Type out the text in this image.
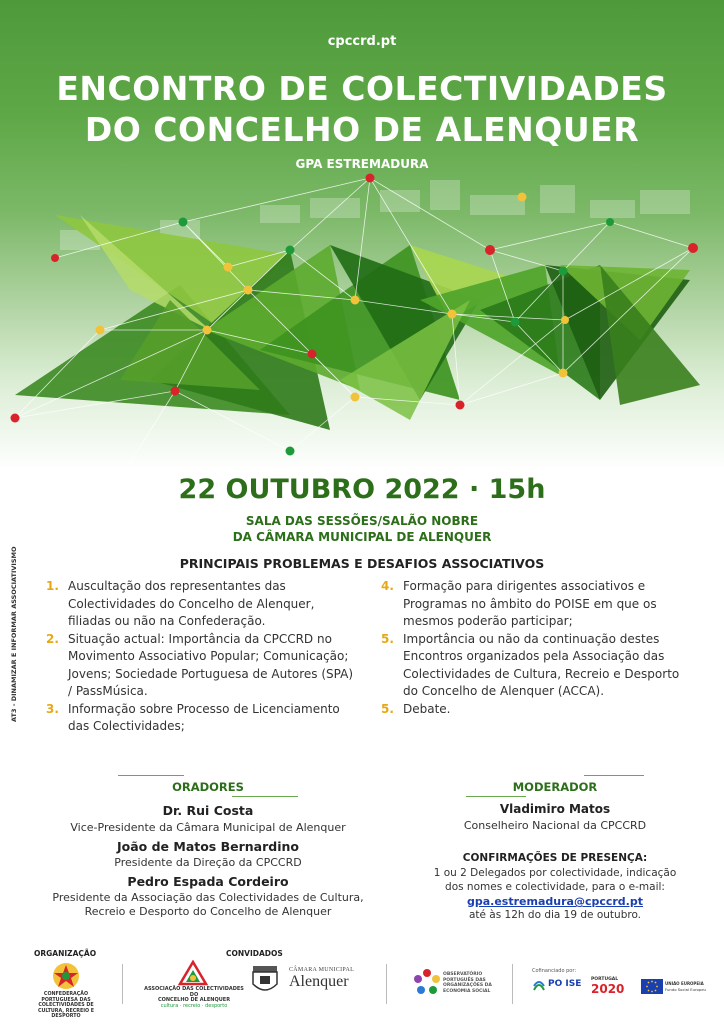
cpccrd.pt
ENCONTRO DE COLECTIVIDADES
DO CONCELHO DE ALENQUER
GPA ESTREMADURA
22 OUTUBRO 2022 · 15h
SALA DAS SESSÕES/SALÃO NOBRE
DA CÂMARA MUNICIPAL DE ALENQUER
PRINCIPAIS PROBLEMAS E DESAFIOS ASSOCIATIVOS
AT3 - DINAMIZAR E INFORMAR ASSOCIATIVISMO 1. Auscultação dos representantes das Colectividades do Concelho de Alenquer, filiadas ou não na Confederação.
2. Situação actual: Importância da CPCCRD no Movimento Associativo Popular; Comunicação; Jovens; Sociedade Portuguesa de Autores (SPA) / PassMúsica.
3. Informação sobre Processo de Licenciamento das Colectividades;
4. Formação para dirigentes associativos e Programas no âmbito do POISE em que os mesmos poderão participar;
5. Importância ou não da continuação destes Encontros organizados pela Associação das Colectividades de Cultura, Recreio e Desporto do Concelho de Alenquer (ACCA).
5. Debate.
ORADORES
Dr. Rui Costa
Vice-Presidente da Câmara Municipal de Alenquer
João de Matos Bernardino
Presidente da Direção da CPCCRD
Pedro Espada Cordeiro
Presidente da Associação das Colectividades de Cultura,
Recreio e Desporto do Concelho de Alenquer
MODERADOR
Vladimiro Matos
Conselheiro Nacional da CPCCRD
CONFIRMAÇÕES DE PRESENÇA:
1 ou 2 Delegados por colectividade, indicação
dos nomes e colectividade, para o e-mail:
gpa.estremadura@cpccrd.pt
até às 12h do dia 19 de outubro.
ORGANIZAÇÃO	CONVIDADOS
CONFEDERAÇÃO PORTUGUESA DAS COLECTIVIDADES DE CULTURA, RECREIO E DESPORTO
ASSOCIAÇÃO DAS COLECTIVIDADES DO
CONCELHO DE ALENQUER
cultura · recreio · desporto
CÂMARA MUNICIPAL
Alenquer	OBSERVATÓRIO PORTUGUÊS DAS ORGANIZAÇÕES DA ECONOMIA SOCIAL
Cofinanciado por:
PO ISE PORTUGAL
2020	UNIÃO EUROPEIA
Fundo Social Europeu
